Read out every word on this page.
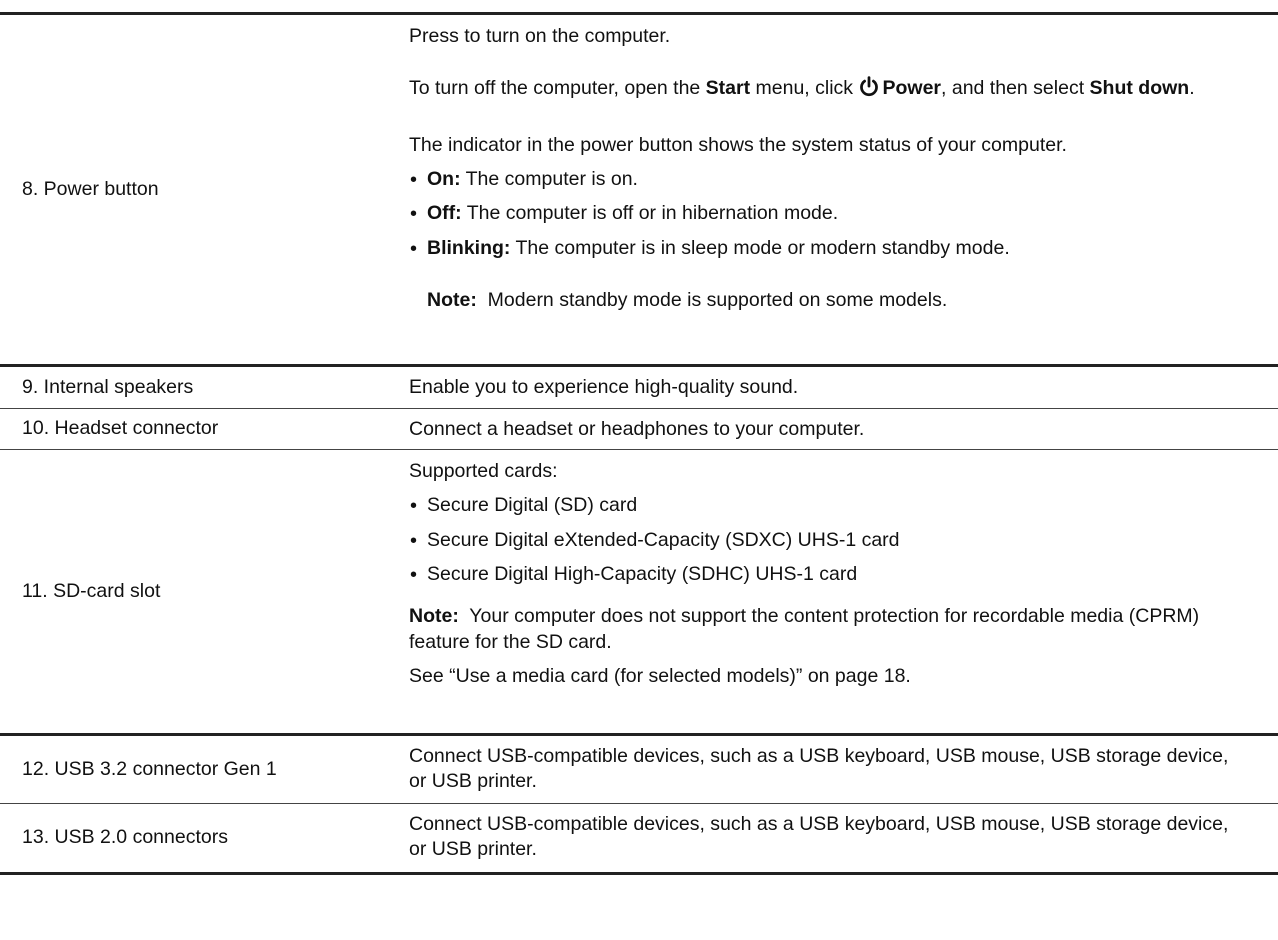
8. Power button

Press to turn on the computer.

To turn off the computer, open the Start menu, click Power, and then select Shut down.

The indicator in the power button shows the system status of your computer.

• On: The computer is on.
• Off: The computer is off or in hibernation mode.
• Blinking: The computer is in sleep mode or modern standby mode.

Note:  Modern standby mode is supported on some models.

9. Internal speakers	Enable you to experience high-quality sound.

10. Headset connector	Connect a headset or headphones to your computer.

11. SD-card slot

Supported cards:

• Secure Digital (SD) card
• Secure Digital eXtended-Capacity (SDXC) UHS-1 card
• Secure Digital High-Capacity (SDHC) UHS-1 card

Note:  Your computer does not support the content protection for recordable media (CPRM) feature for the SD card.

See “Use a media card (for selected models)” on page 18.

12. USB 3.2 connector Gen 1

Connect USB-compatible devices, such as a USB keyboard, USB mouse, USB storage device, or USB printer.

13. USB 2.0 connectors

Connect USB-compatible devices, such as a USB keyboard, USB mouse, USB storage device, or USB printer.
